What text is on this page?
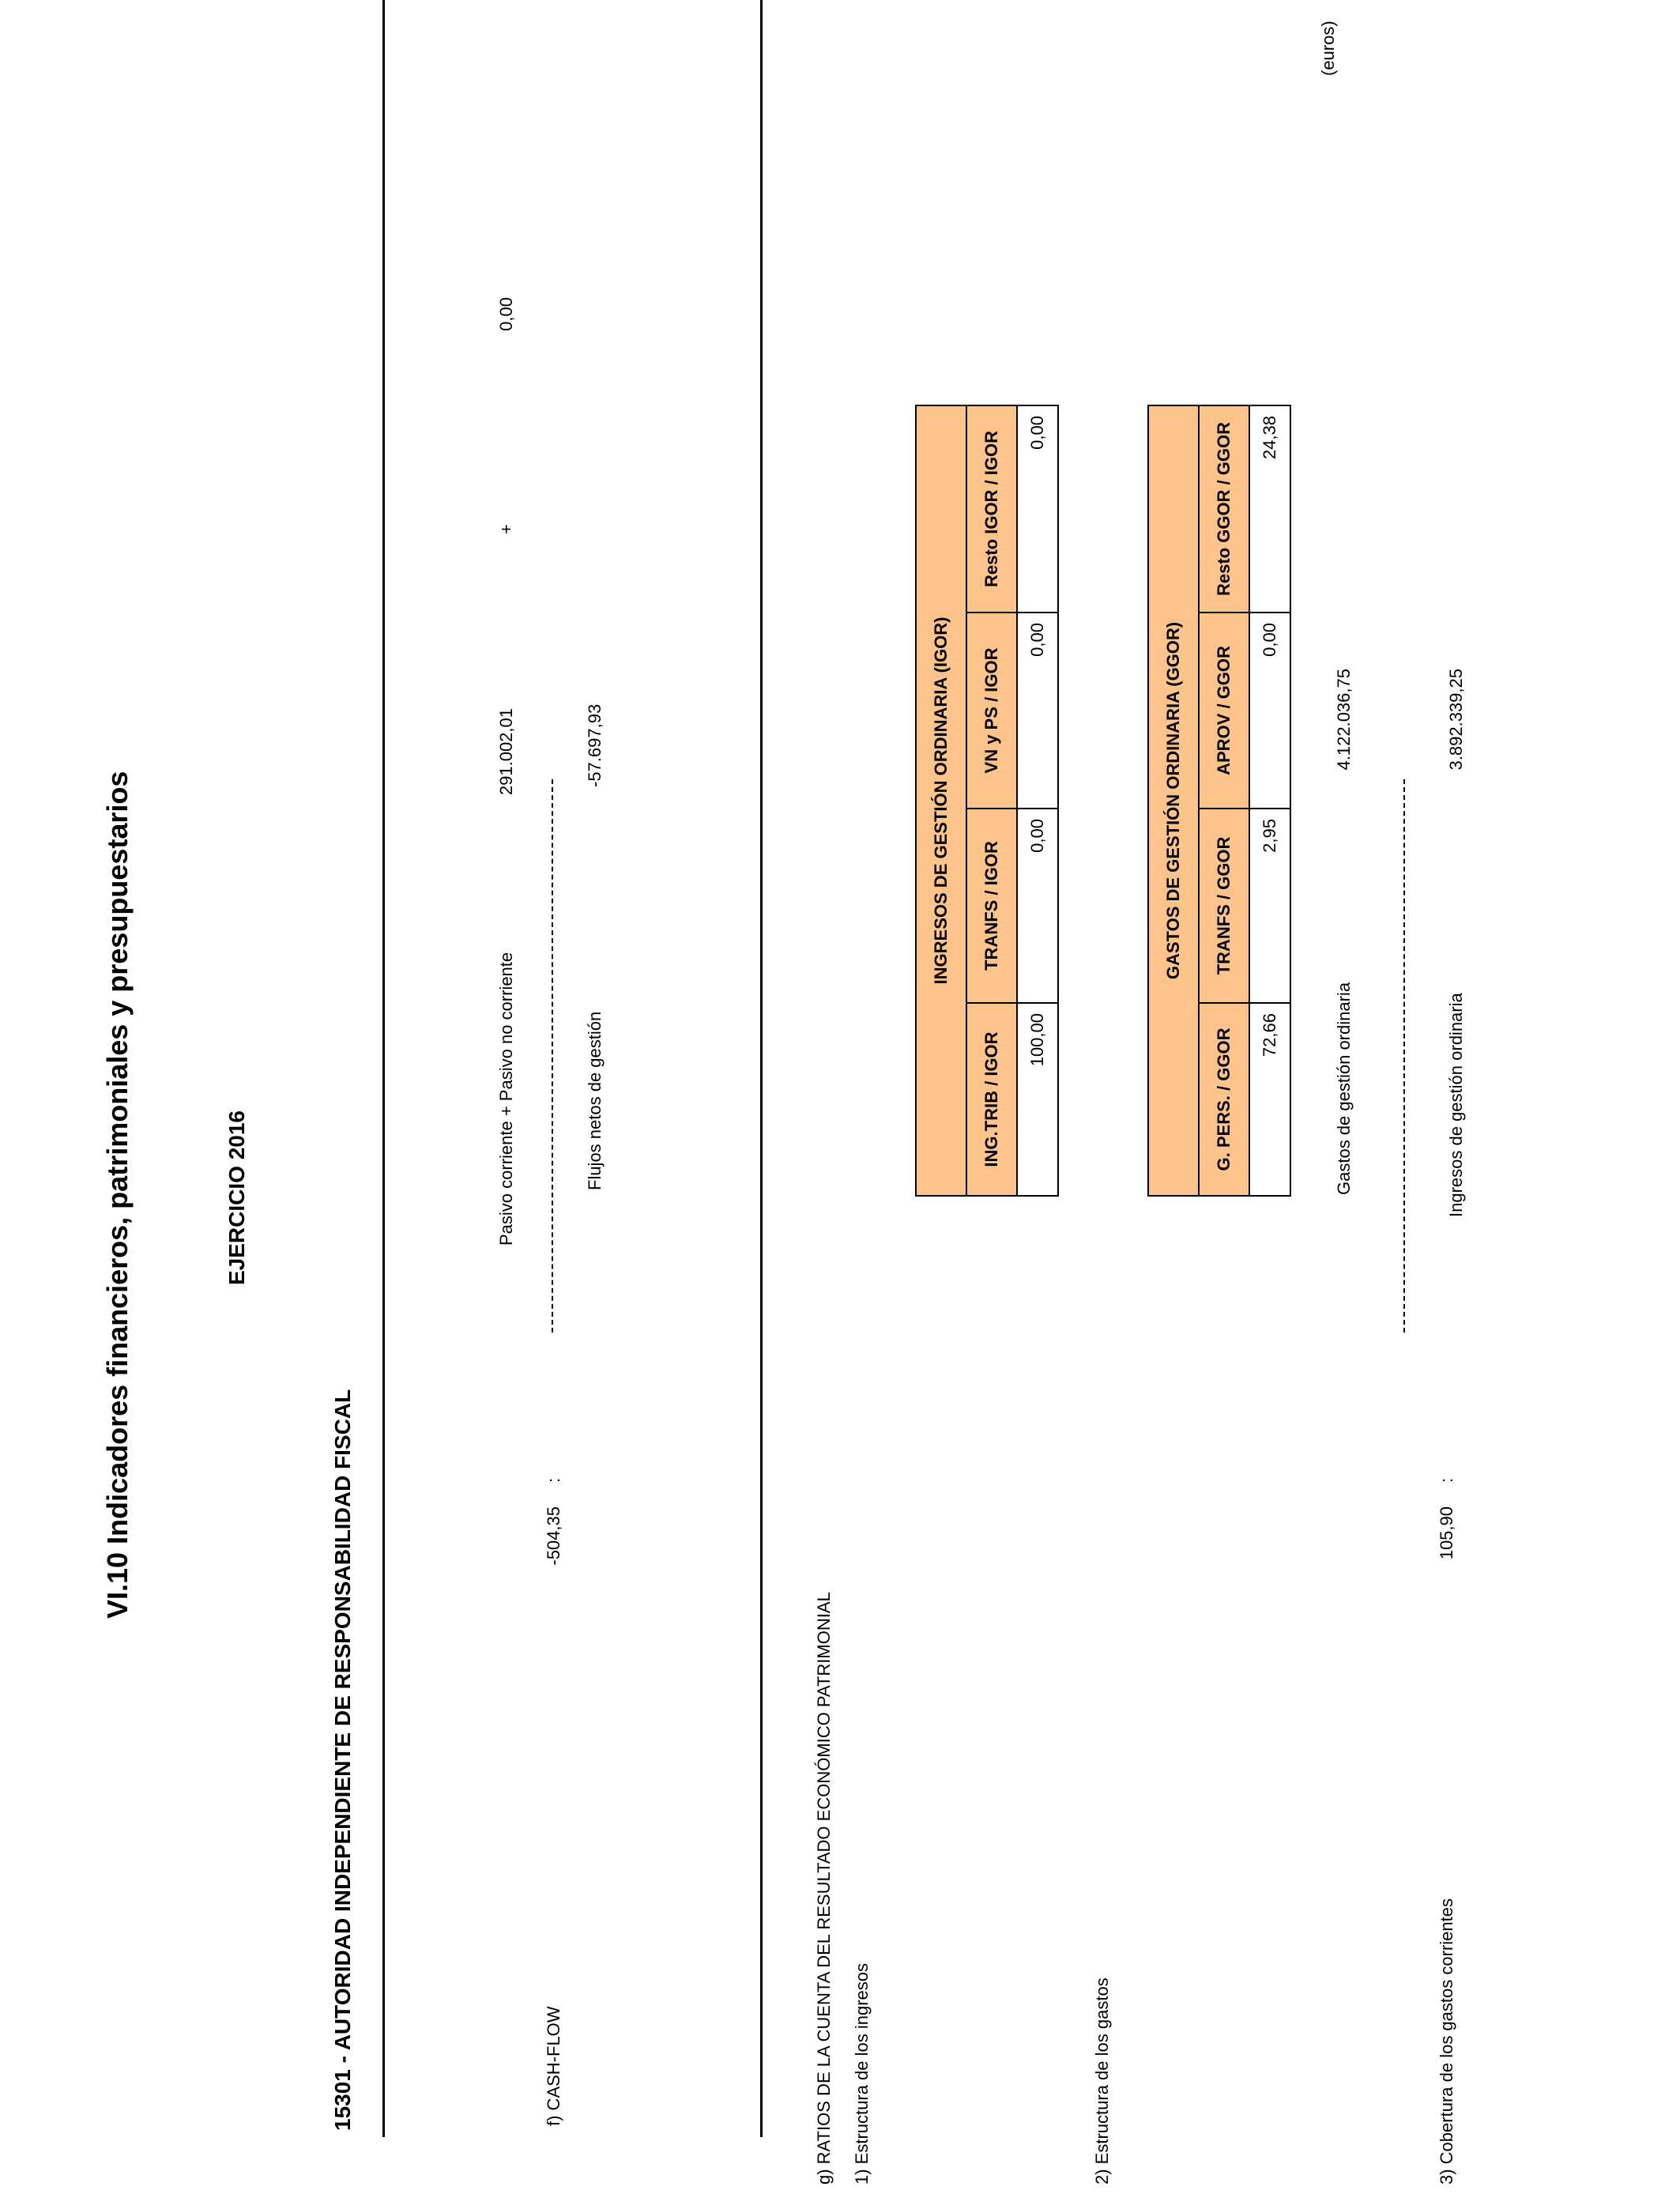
VI.10 Indicadores financieros, patrimoniales y presupuestarios	EJERCICIO 2016
15301 - AUTORIDAD INDEPENDIENTE DE RESPONSABILIDAD FISCAL
(euros)
f) CASH-FLOW
-504,35
:
Pasivo corriente + Pasivo no corriente
291.002,01
+
0,00
Flujos netos de gestión
-57.697,93
g) RATIOS DE LA CUENTA DEL RESULTADO ECONÓMICO PATRIMONIAL 1) Estructura de los ingresos
INGRESOS DE GESTIÓN ORDINARIA (IGOR)			
ING.TRIB / IGOR	TRANFS / IGOR	VN y PS / IGOR	Resto IGOR / IGOR
100,00	0,00	0,00	0,00
2) Estructura de los gastos
GASTOS DE GESTIÓN ORDINARIA (GGOR)			
G. PERS. / GGOR	TRANFS / GGOR	APROV / GGOR	Resto GGOR / GGOR
72,66	2,95	0,00	24,38
3) Cobertura de los gastos corrientes
105,90
:
Gastos de gestión ordinaria
4.122.036,75
Ingresos de gestión ordinaria
3.892.339,25
